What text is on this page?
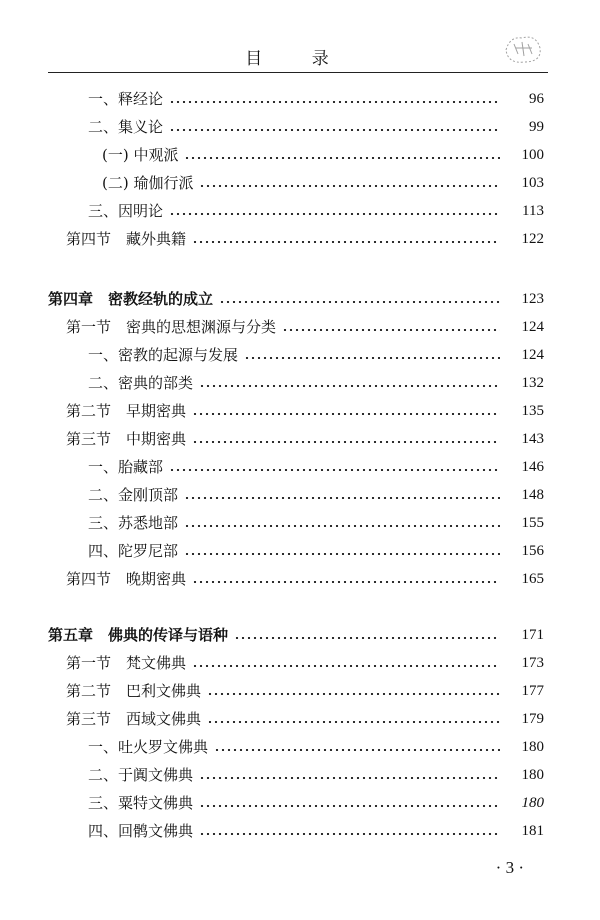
目 录
一、释经论	96
二、集义论	99
(一) 中观派	100
(二) 瑜伽行派	103
三、因明论	113
第四节　藏外典籍	122
第四章　密教经轨的成立	123
第一节　密典的思想渊源与分类	124
一、密教的起源与发展	124
二、密典的部类	132
第二节　早期密典	135
第三节　中期密典	143
一、胎藏部	146
二、金刚顶部	148
三、苏悉地部	155
四、陀罗尼部	156
第四节　晚期密典	165
第五章　佛典的传译与语种	171
第一节　梵文佛典	173
第二节　巴利文佛典	177
第三节　西域文佛典	179
一、吐火罗文佛典	180
二、于阗文佛典	180
三、粟特文佛典	180
四、回鹘文佛典	181
· 3 ·
